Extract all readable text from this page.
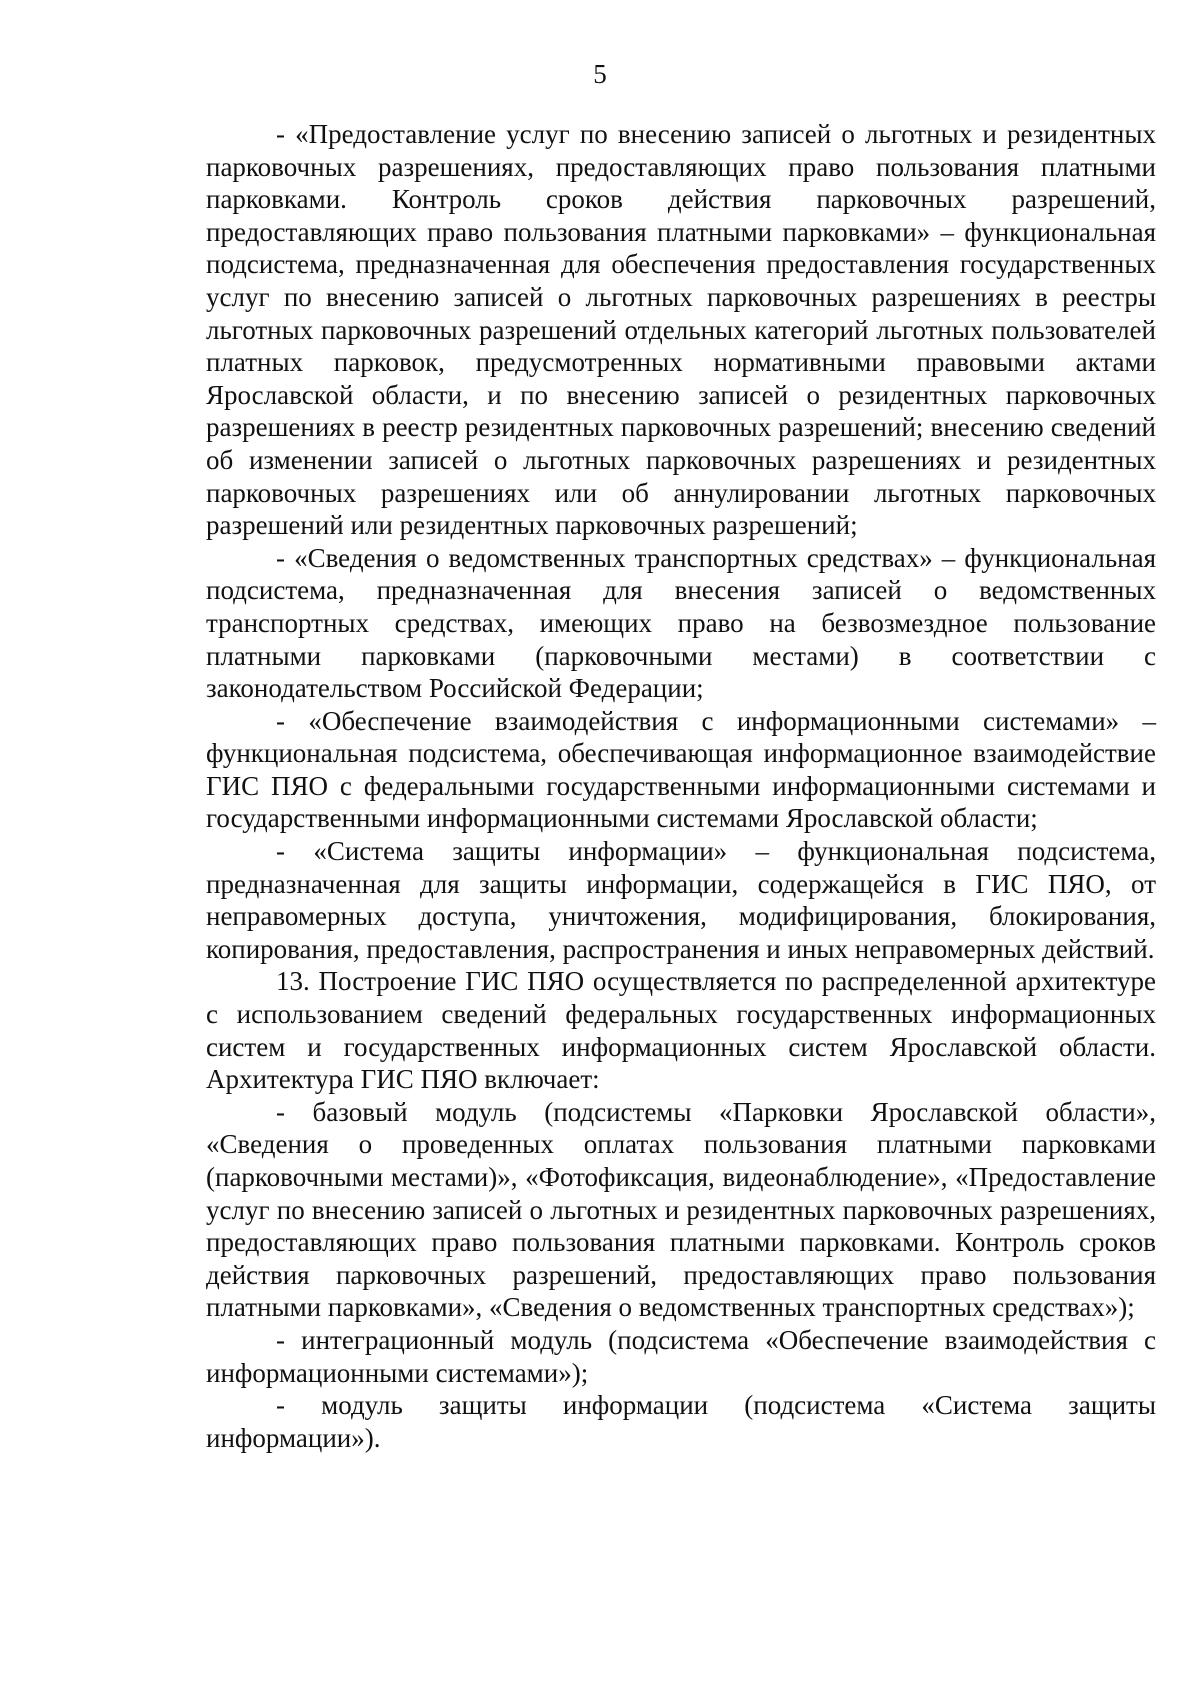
5

- «Предоставление услуг по внесению записей о льготных и резидентных парковочных разрешениях, предоставляющих право пользования платными парковками. Контроль сроков действия парковочных разрешений, предоставляющих право пользования платными парковками» – функциональная подсистема, предназначенная для обеспечения предоставления государственных услуг по внесению записей о льготных парковочных разрешениях в реестры льготных парковочных разрешений отдельных категорий льготных пользователей платных парковок, предусмотренных нормативными правовыми актами Ярославской области, и по внесению записей о резидентных парковочных разрешениях в реестр резидентных парковочных разрешений; внесению сведений об изменении записей о льготных парковочных разрешениях и резидентных парковочных разрешениях или об аннулировании льготных парковочных разрешений или резидентных парковочных разрешений;

- «Сведения о ведомственных транспортных средствах» – функциональная подсистема, предназначенная для внесения записей о ведомственных транспортных средствах, имеющих право на безвозмездное пользование платными парковками (парковочными местами) в соответствии с законодательством Российской Федерации;

- «Обеспечение взаимодействия с информационными системами» – функциональная подсистема, обеспечивающая информационное взаимодействие ГИС ПЯО с федеральными государственными информационными системами и государственными информационными системами Ярославской области;

- «Система защиты информации» – функциональная подсистема, предназначенная для защиты информации, содержащейся в ГИС ПЯО, от неправомерных доступа, уничтожения, модифицирования, блокирования, копирования, предоставления, распространения и иных неправомерных действий.

13. Построение ГИС ПЯО осуществляется по распределенной архитектуре с использованием сведений федеральных государственных информационных систем и государственных информационных систем Ярославской области. Архитектура ГИС ПЯО включает:

- базовый модуль (подсистемы «Парковки Ярославской области», «Сведения о проведенных оплатах пользования платными парковками (парковочными местами)», «Фотофиксация, видеонаблюдение», «Предоставление услуг по внесению записей о льготных и резидентных парковочных разрешениях, предоставляющих право пользования платными парковками. Контроль сроков действия парковочных разрешений, предоставляющих право пользования платными парковками», «Сведения о ведомственных транспортных средствах»);

- интеграционный модуль (подсистема «Обеспечение взаимодействия с информационными системами»);

- модуль защиты информации (подсистема «Система защиты информации»).
